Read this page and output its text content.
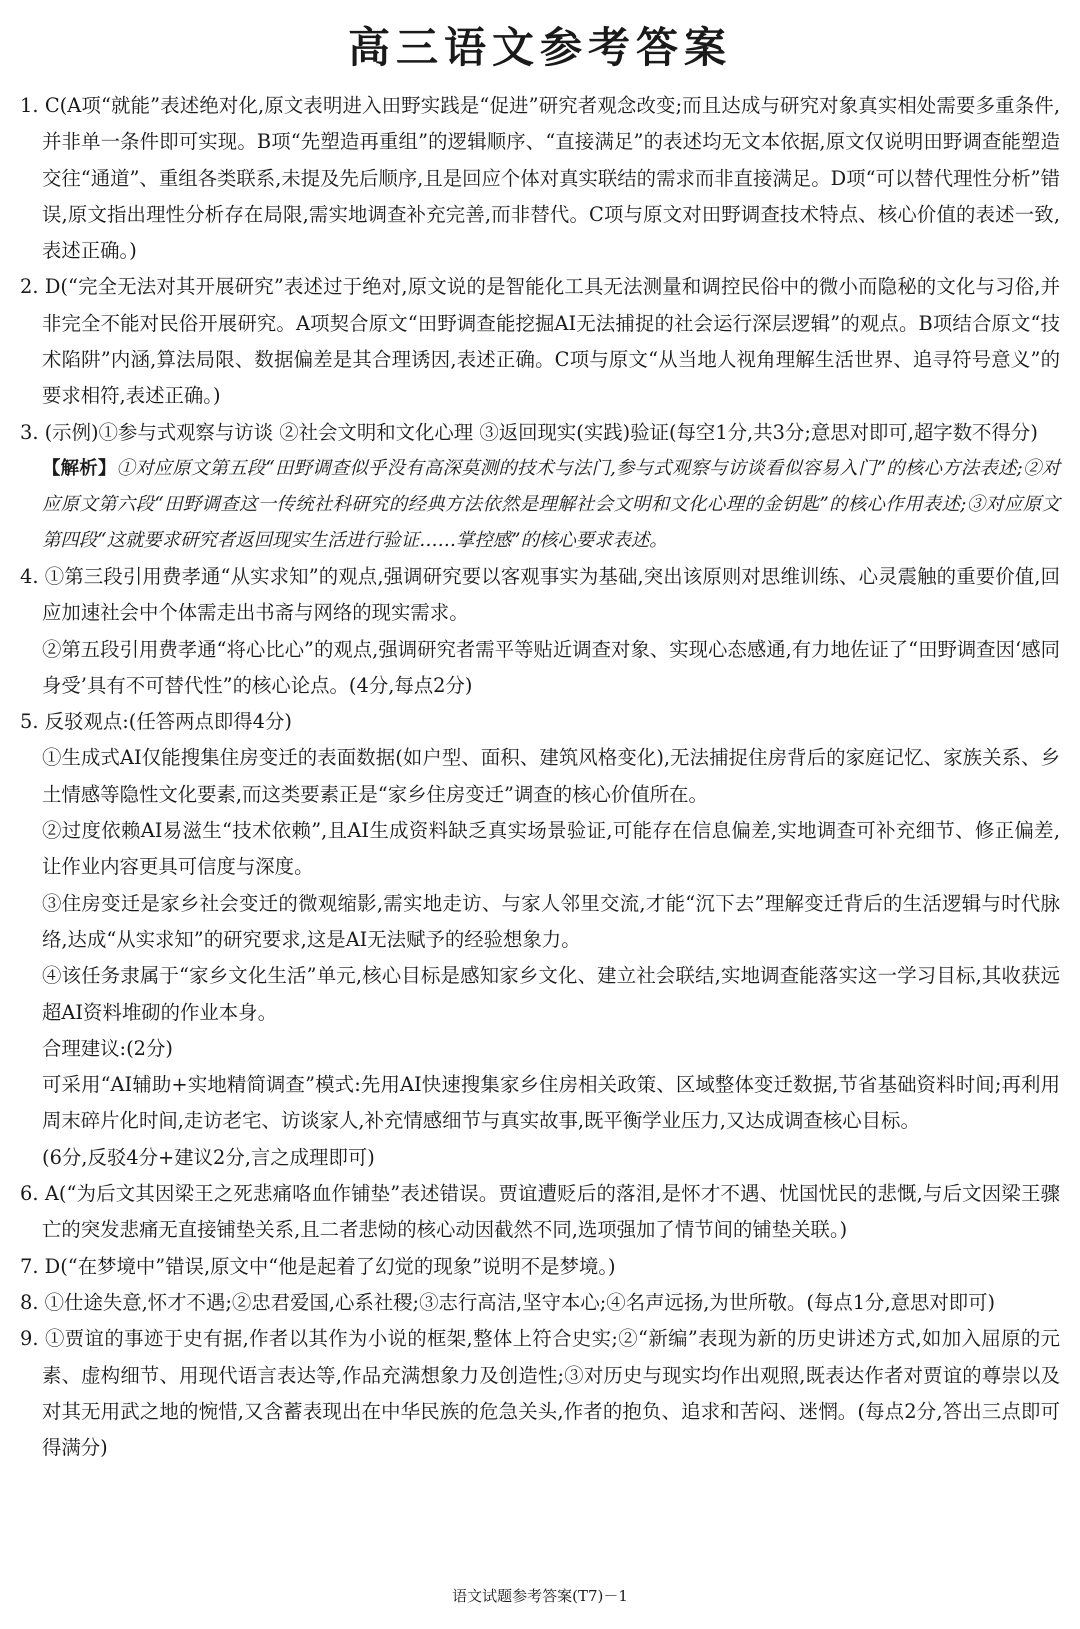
高三语文参考答案

1. C(A项“就能”表述绝对化,原文表明进入田野实践是“促进”研究者观念改变;而且达成与研究对象真实相处需要多重条件,并非单一条件即可实现。B项“先塑造再重组”的逻辑顺序、“直接满足”的表述均无文本依据,原文仅说明田野调查能塑造交往“通道”、重组各类联系,未提及先后顺序,且是回应个体对真实联结的需求而非直接满足。D项“可以替代理性分析”错误,原文指出理性分析存在局限,需实地调查补充完善,而非替代。C项与原文对田野调查技术特点、核心价值的表述一致,表述正确。)

2. D(“完全无法对其开展研究”表述过于绝对,原文说的是智能化工具无法测量和调控民俗中的微小而隐秘的文化与习俗,并非完全不能对民俗开展研究。A项契合原文“田野调查能挖掘AI无法捕捉的社会运行深层逻辑”的观点。B项结合原文“技术陷阱”内涵,算法局限、数据偏差是其合理诱因,表述正确。C项与原文“从当地人视角理解生活世界、追寻符号意义”的要求相符,表述正确。)

3. (示例)①参与式观察与访谈 ②社会文明和文化心理 ③返回现实(实践)验证(每空1分,共3分;意思对即可,超字数不得分)

【解析】①对应原文第五段“田野调查似乎没有高深莫测的技术与法门,参与式观察与访谈看似容易入门”的核心方法表述;②对应原文第六段“田野调查这一传统社科研究的经典方法依然是理解社会文明和文化心理的金钥匙”的核心作用表述;③对应原文第四段“这就要求研究者返回现实生活进行验证……掌控感”的核心要求表述。

4. ①第三段引用费孝通“从实求知”的观点,强调研究要以客观事实为基础,突出该原则对思维训练、心灵震触的重要价值,回应加速社会中个体需走出书斋与网络的现实需求。

②第五段引用费孝通“将心比心”的观点,强调研究者需平等贴近调查对象、实现心态感通,有力地佐证了“田野调查因‘感同身受’具有不可替代性”的核心论点。(4分,每点2分)

5. 反驳观点:(任答两点即得4分)

①生成式AI仅能搜集住房变迁的表面数据(如户型、面积、建筑风格变化),无法捕捉住房背后的家庭记忆、家族关系、乡土情感等隐性文化要素,而这类要素正是“家乡住房变迁”调查的核心价值所在。

②过度依赖AI易滋生“技术依赖”,且AI生成资料缺乏真实场景验证,可能存在信息偏差,实地调查可补充细节、修正偏差,让作业内容更具可信度与深度。

③住房变迁是家乡社会变迁的微观缩影,需实地走访、与家人邻里交流,才能“沉下去”理解变迁背后的生活逻辑与时代脉络,达成“从实求知”的研究要求,这是AI无法赋予的经验想象力。

④该任务隶属于“家乡文化生活”单元,核心目标是感知家乡文化、建立社会联结,实地调查能落实这一学习目标,其收获远超AI资料堆砌的作业本身。

合理建议:(2分)

可采用“AI辅助+实地精简调查”模式:先用AI快速搜集家乡住房相关政策、区域整体变迁数据,节省基础资料时间;再利用周末碎片化时间,走访老宅、访谈家人,补充情感细节与真实故事,既平衡学业压力,又达成调查核心目标。

(6分,反驳4分+建议2分,言之成理即可)

6. A(“为后文其因梁王之死悲痛咯血作铺垫”表述错误。贾谊遭贬后的落泪,是怀才不遇、忧国忧民的悲慨,与后文因梁王骤亡的突发悲痛无直接铺垫关系,且二者悲恸的核心动因截然不同,选项强加了情节间的铺垫关联。)

7. D(“在梦境中”错误,原文中“他是起着了幻觉的现象”说明不是梦境。)

8. ①仕途失意,怀才不遇;②忠君爱国,心系社稷;③志行高洁,坚守本心;④名声远扬,为世所敬。(每点1分,意思对即可)

9. ①贾谊的事迹于史有据,作者以其作为小说的框架,整体上符合史实;②“新编”表现为新的历史讲述方式,如加入屈原的元素、虚构细节、用现代语言表达等,作品充满想象力及创造性;③对历史与现实均作出观照,既表达作者对贾谊的尊崇以及对其无用武之地的惋惜,又含蓄表现出在中华民族的危急关头,作者的抱负、追求和苦闷、迷惘。(每点2分,答出三点即可得满分)

语文试题参考答案(T7)－1
